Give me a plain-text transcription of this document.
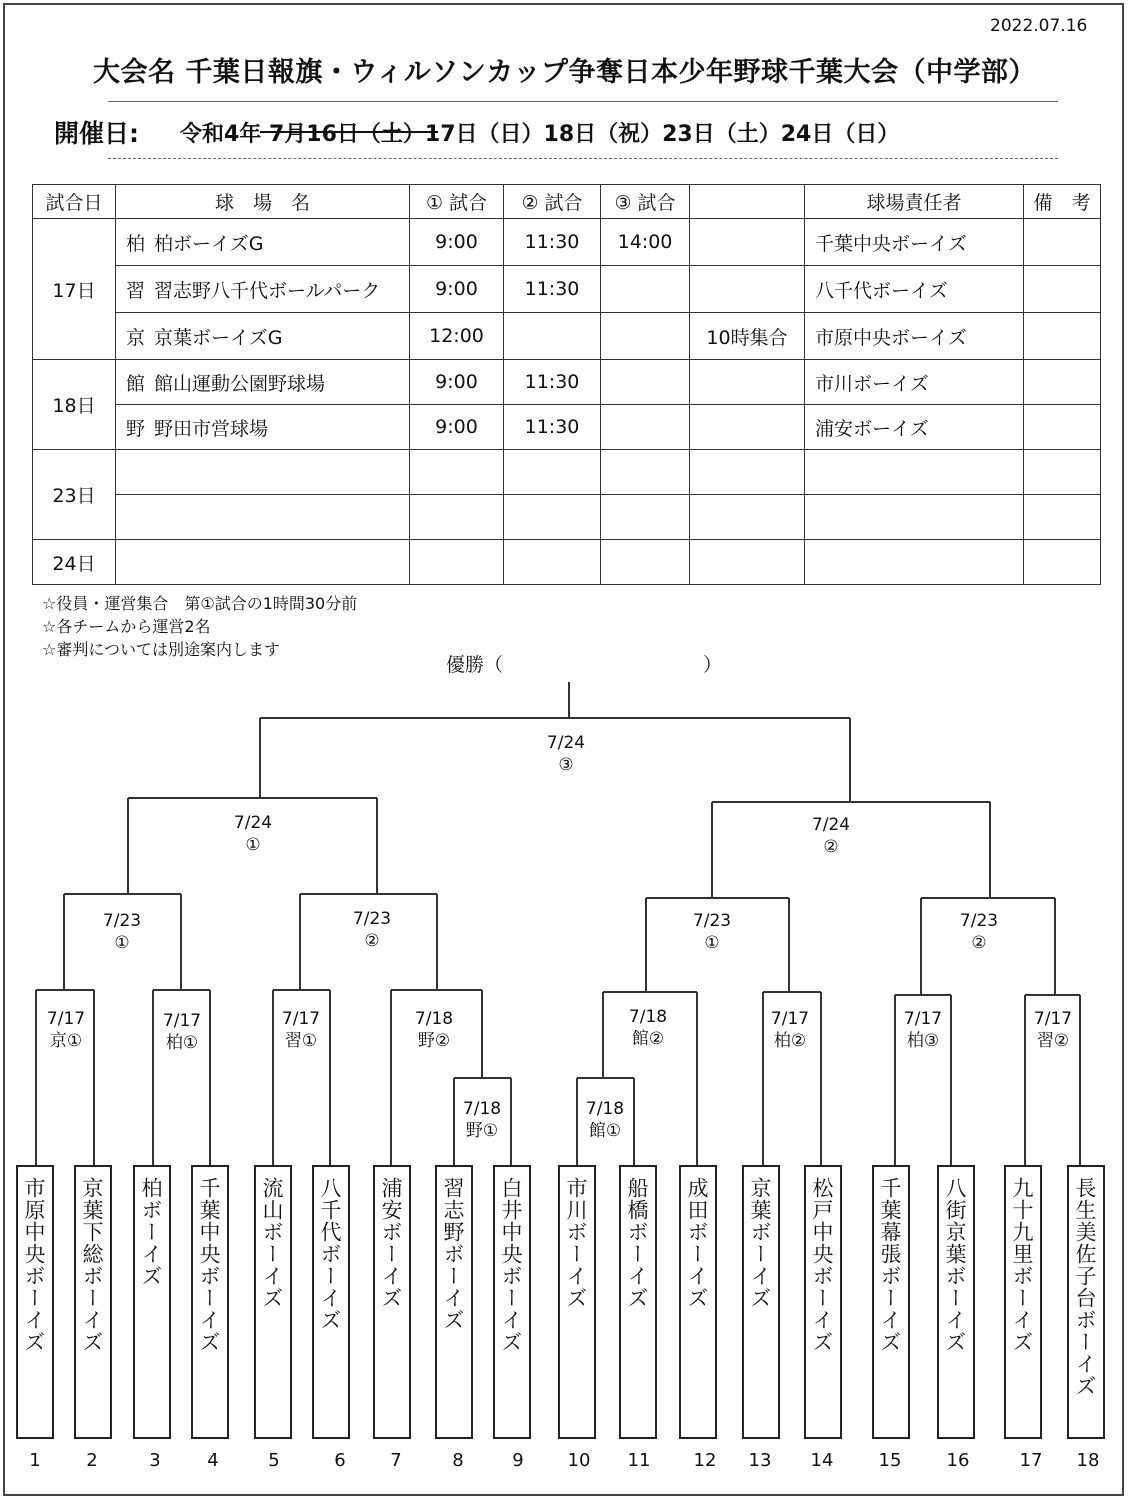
2022.07.16
大会名 千葉日報旗・ウィルソンカップ争奪日本少年野球千葉大会（中学部）
開催日: 令和4年 7月16日（土）17日（日）18日（祝）23日（土）24日（日）
試合日	球　場　名	① 試合	② 試合	③ 試合		球場責任者	備　考
17日	柏 柏ボーイズG	9:00	11:30	14:00		千葉中央ボーイズ	
	習 習志野八千代ボールパーク	9:00	11:30			八千代ボーイズ	
	京 京葉ボーイズG	12:00			10時集合	市原中央ボーイズ	
18日	館 館山運動公園野球場	9:00	11:30			市川ボーイズ	
	野 野田市営球場	9:00	11:30			浦安ボーイズ	
23日							

24日							
☆役員・運営集合　第①試合の1時間30分前
☆各チームから運営2名
☆審判については別途案内します
優勝（	）
7/24
③
7/24
①
7/24
②
7/23
①
7/23
②
7/23
①
7/23
②
7/17
京①
7/17
柏①
7/17
習①
7/18
野②
7/18
館②
7/17
柏②
7/17
柏③
7/17
習②
7/18
野①
7/18
館①
市原中央ボーイズ	京葉下総ボーイズ	柏ボーイズ	千葉中央ボーイズ	流山ボーイズ	八千代ボーイズ	浦安ボーイズ	習志野ボーイズ	白井中央ボーイズ	市川ボーイズ	船橋ボーイズ	成田ボーイズ	京葉ボーイズ	松戸中央ボーイズ	千葉幕張ボーイズ	八街京葉ボーイズ	九十九里ボーイズ	長生美佐子台ボーイズ
1	2	3	4	5	6	7	8	9	10	11	12	13	14	15	16	17	18
